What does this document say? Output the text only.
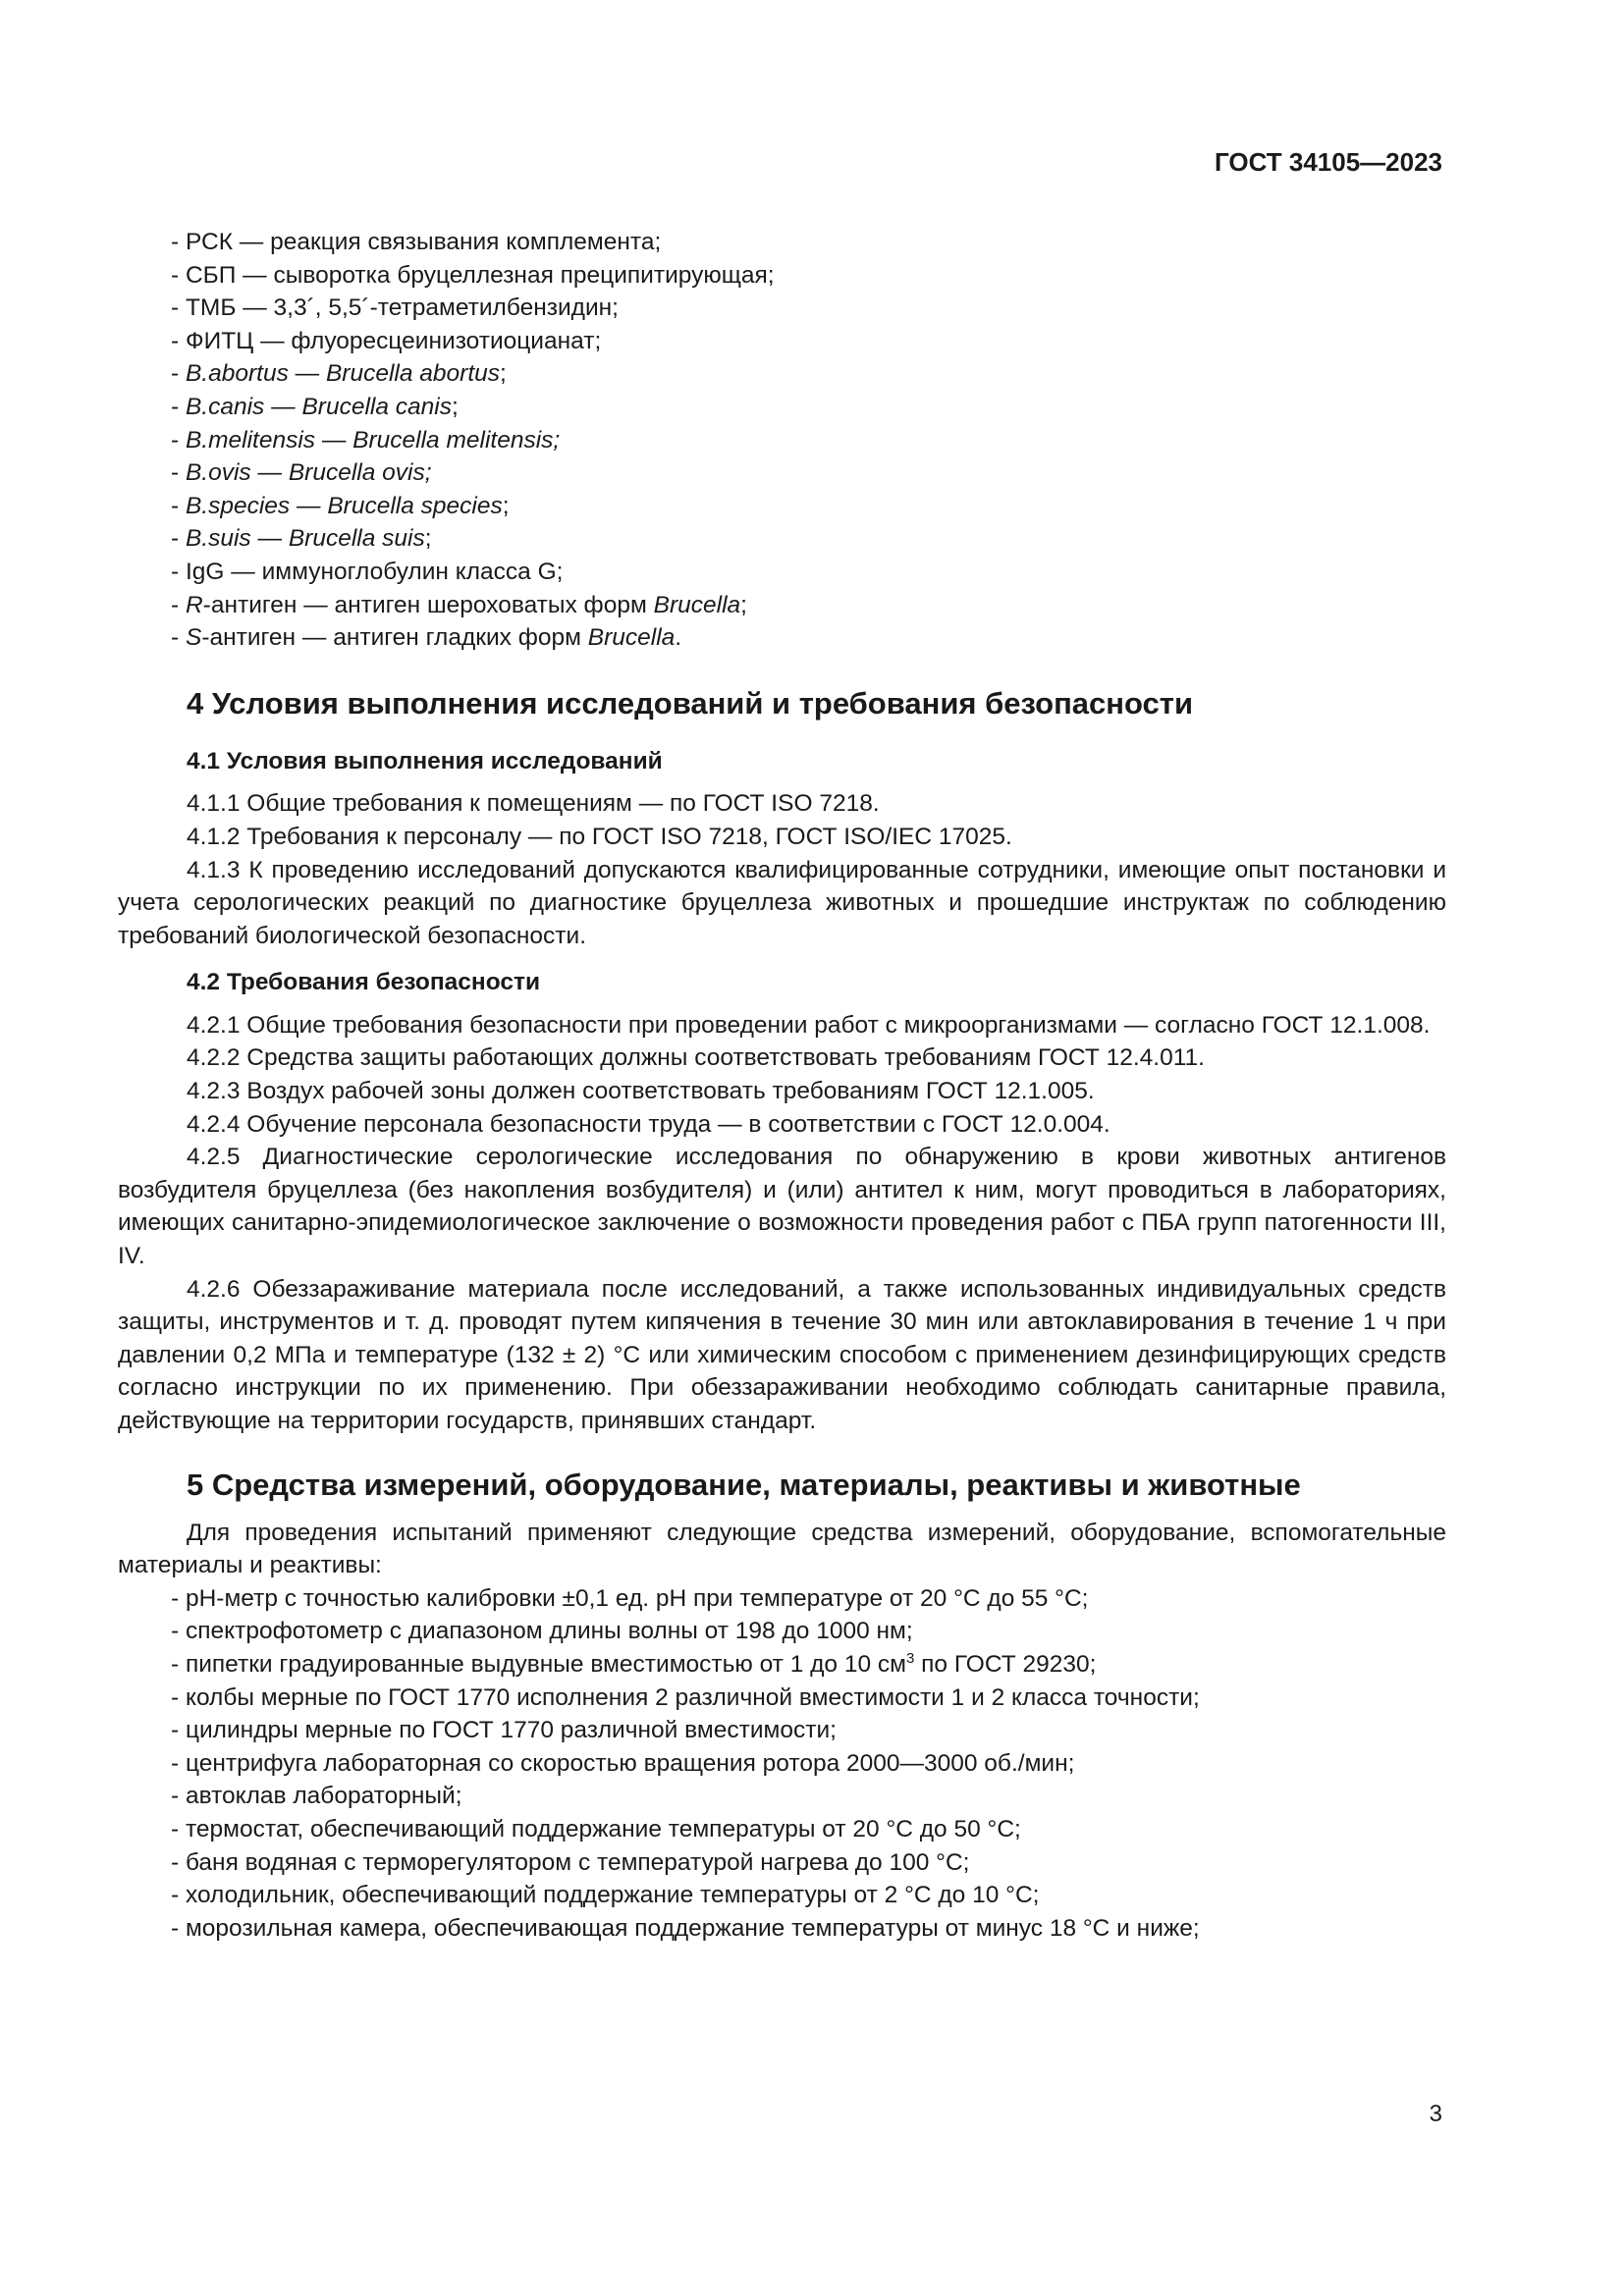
ГОСТ 34105—2023
- РСК — реакция связывания комплемента;
- СБП — сыворотка бруцеллезная преципитирующая;
- ТМБ — 3,3´, 5,5´-тетраметилбензидин;
- ФИТЦ — флуоресцеинизотиоцианат;
- B.abortus — Brucella abortus;
- B.canis — Brucella canis;
- B.melitensis — Brucella melitensis;
- B.ovis — Brucella ovis;
- B.species — Brucella species;
- B.suis — Brucella suis;
- IgG — иммуноглобулин класса G;
- R-антиген — антиген шероховатых форм Brucella;
- S-антиген — антиген гладких форм Brucella.
4 Условия выполнения исследований и требования безопасности
4.1 Условия выполнения исследований
4.1.1 Общие требования к помещениям — по ГОСТ ISO 7218.
4.1.2 Требования к персоналу — по ГОСТ ISO 7218, ГОСТ ISO/IEC 17025.
4.1.3 К проведению исследований допускаются квалифицированные сотрудники, имеющие опыт постановки и учета серологических реакций по диагностике бруцеллеза животных и прошедшие инструктаж по соблюдению требований биологической безопасности.
4.2 Требования безопасности
4.2.1 Общие требования безопасности при проведении работ с микроорганизмами — согласно ГОСТ 12.1.008.
4.2.2 Средства защиты работающих должны соответствовать требованиям ГОСТ 12.4.011.
4.2.3 Воздух рабочей зоны должен соответствовать требованиям ГОСТ 12.1.005.
4.2.4 Обучение персонала безопасности труда — в соответствии с ГОСТ 12.0.004.
4.2.5 Диагностические серологические исследования по обнаружению в крови животных антигенов возбудителя бруцеллеза (без накопления возбудителя) и (или) антител к ним, могут проводиться в лабораториях, имеющих санитарно-эпидемиологическое заключение о возможности проведения работ с ПБА групп патогенности III, IV.
4.2.6 Обеззараживание материала после исследований, а также использованных индивидуальных средств защиты, инструментов и т. д. проводят путем кипячения в течение 30 мин или автоклавирования в течение 1 ч при давлении 0,2 МПа и температуре (132 ± 2) °С или химическим способом с применением дезинфицирующих средств согласно инструкции по их применению. При обеззараживании необходимо соблюдать санитарные правила, действующие на территории государств, принявших стандарт.
5 Средства измерений, оборудование, материалы, реактивы и животные
Для проведения испытаний применяют следующие средства измерений, оборудование, вспомогательные материалы и реактивы:
- pH-метр с точностью калибровки ±0,1 ед. pH при температуре от 20 °С до 55 °С;
- спектрофотометр с диапазоном длины волны от 198 до 1000 нм;
- пипетки градуированные выдувные вместимостью от 1 до 10 $см^3$ по ГОСТ 29230;
- колбы мерные по ГОСТ 1770 исполнения 2 различной вместимости 1 и 2 класса точности;
- цилиндры мерные по ГОСТ 1770 различной вместимости;
- центрифуга лабораторная со скоростью вращения ротора 2000—3000 об./мин;
- автоклав лабораторный;
- термостат, обеспечивающий поддержание температуры от 20 °С до 50 °С;
- баня водяная с терморегулятором с температурой нагрева до 100 °С;
- холодильник, обеспечивающий поддержание температуры от 2 °С до 10 °С;
- морозильная камера, обеспечивающая поддержание температуры от минус 18 °С и ниже;
3
